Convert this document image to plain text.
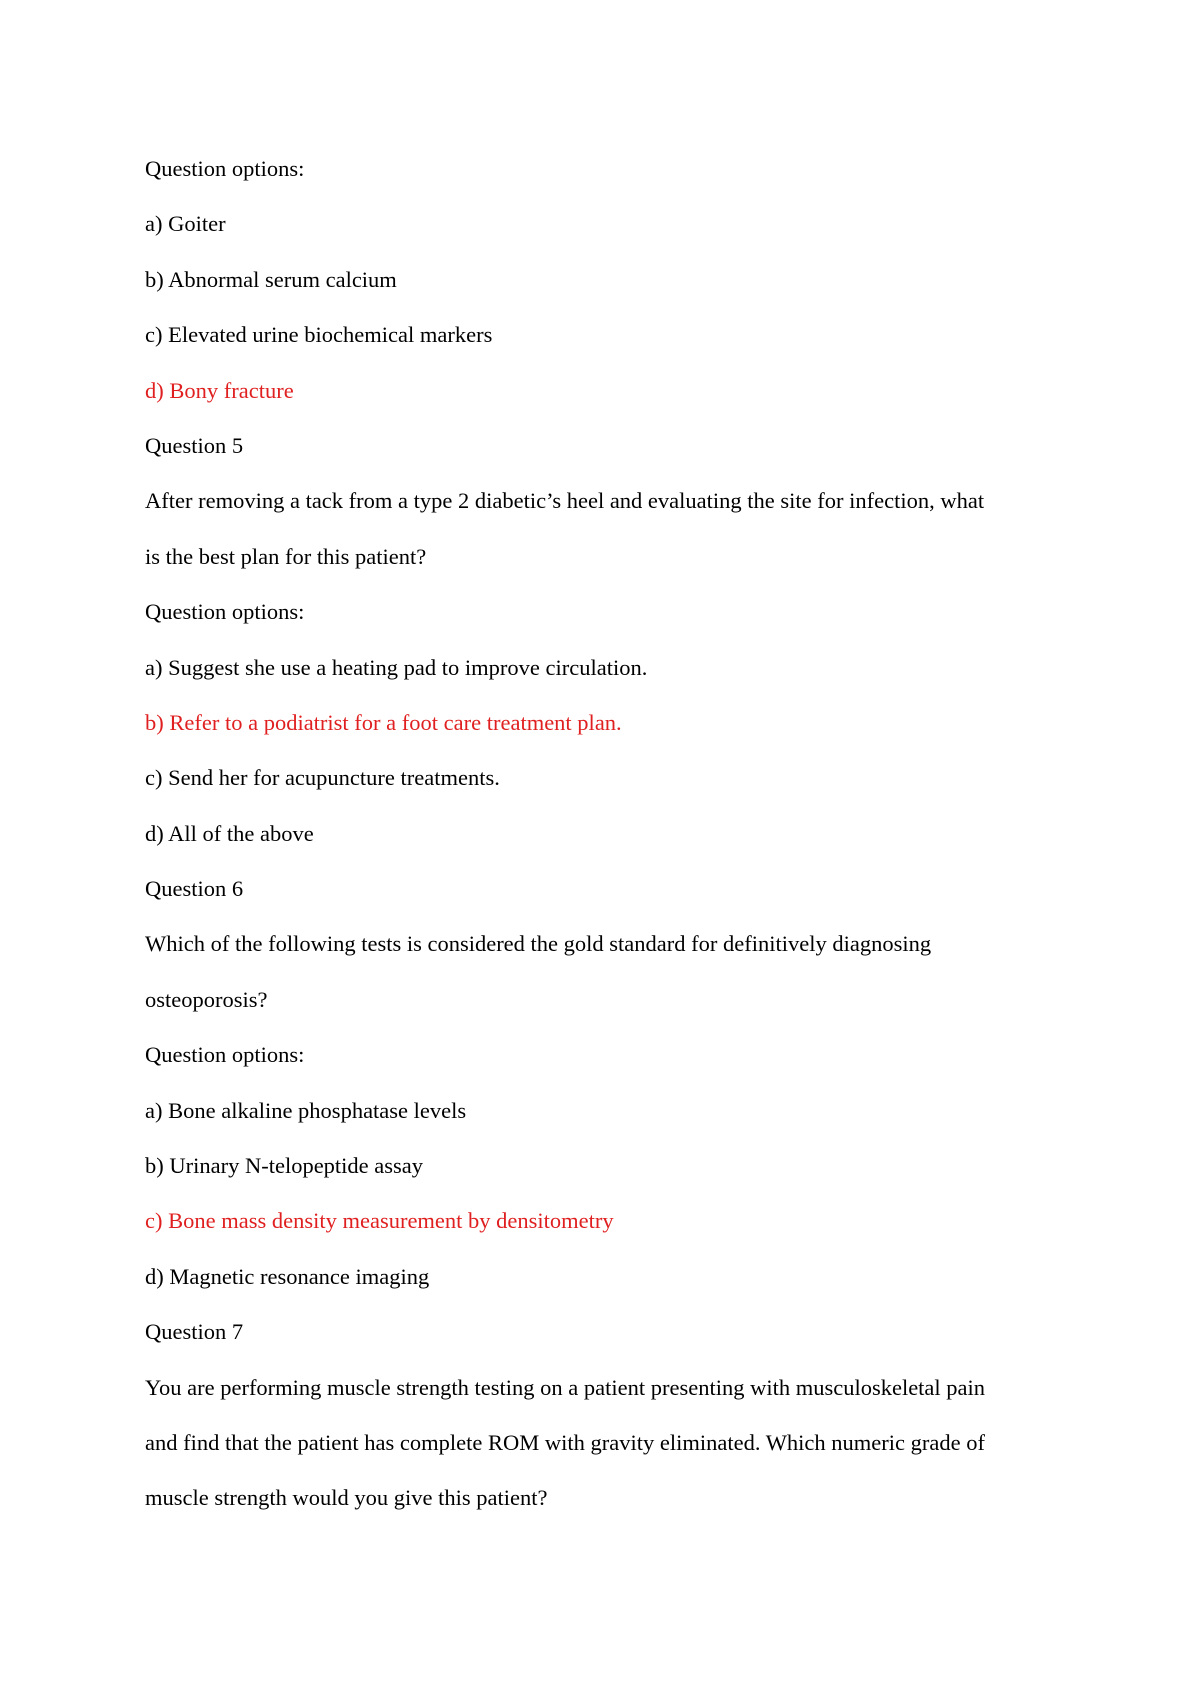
Question options:
a) Goiter
b) Abnormal serum calcium
c) Elevated urine biochemical markers
d) Bony fracture
Question 5
After removing a tack from a type 2 diabetic’s heel and evaluating the site for infection, what
is the best plan for this patient?
Question options:
a) Suggest she use a heating pad to improve circulation.
b) Refer to a podiatrist for a foot care treatment plan.
c) Send her for acupuncture treatments.
d) All of the above
Question 6
Which of the following tests is considered the gold standard for definitively diagnosing
osteoporosis?
Question options:
a) Bone alkaline phosphatase levels
b) Urinary N-telopeptide assay
c) Bone mass density measurement by densitometry
d) Magnetic resonance imaging
Question 7
You are performing muscle strength testing on a patient presenting with musculoskeletal pain
and find that the patient has complete ROM with gravity eliminated. Which numeric grade of
muscle strength would you give this patient?
